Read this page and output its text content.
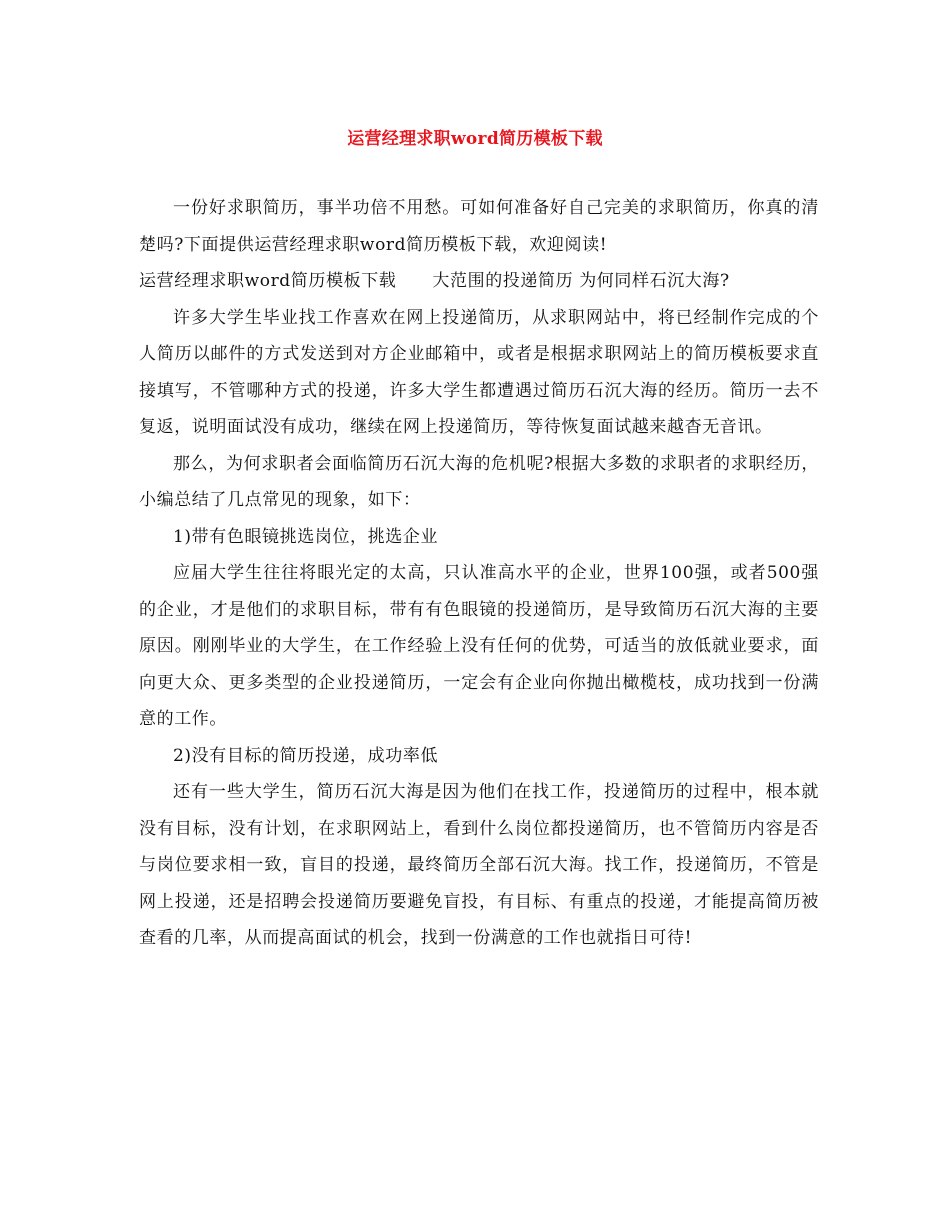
运营经理求职word简历模板下载

一份好求职简历，事半功倍不用愁。可如何准备好自己完美的求职简历，你真的清楚吗?下面提供运营经理求职word简历模板下载，欢迎阅读!

运营经理求职word简历模板下载 大范围的投递简历 为何同样石沉大海?

许多大学生毕业找工作喜欢在网上投递简历，从求职网站中，将已经制作完成的个人简历以邮件的方式发送到对方企业邮箱中，或者是根据求职网站上的简历模板要求直接填写，不管哪种方式的投递，许多大学生都遭遇过简历石沉大海的经历。简历一去不复返，说明面试没有成功，继续在网上投递简历，等待恢复面试越来越杳无音讯。

那么，为何求职者会面临简历石沉大海的危机呢?根据大多数的求职者的求职经历，小编总结了几点常见的现象，如下：

1)带有色眼镜挑选岗位，挑选企业

应届大学生往往将眼光定的太高，只认准高水平的企业，世界100强，或者500强的企业，才是他们的求职目标，带有有色眼镜的投递简历，是导致简历石沉大海的主要原因。刚刚毕业的大学生，在工作经验上没有任何的优势，可适当的放低就业要求，面向更大众、更多类型的企业投递简历，一定会有企业向你抛出橄榄枝，成功找到一份满意的工作。

2)没有目标的简历投递，成功率低

还有一些大学生，简历石沉大海是因为他们在找工作，投递简历的过程中，根本就没有目标，没有计划，在求职网站上，看到什么岗位都投递简历，也不管简历内容是否与岗位要求相一致，盲目的投递，最终简历全部石沉大海。找工作，投递简历，不管是网上投递，还是招聘会投递简历要避免盲投，有目标、有重点的投递，才能提高简历被查看的几率，从而提高面试的机会，找到一份满意的工作也就指日可待!
